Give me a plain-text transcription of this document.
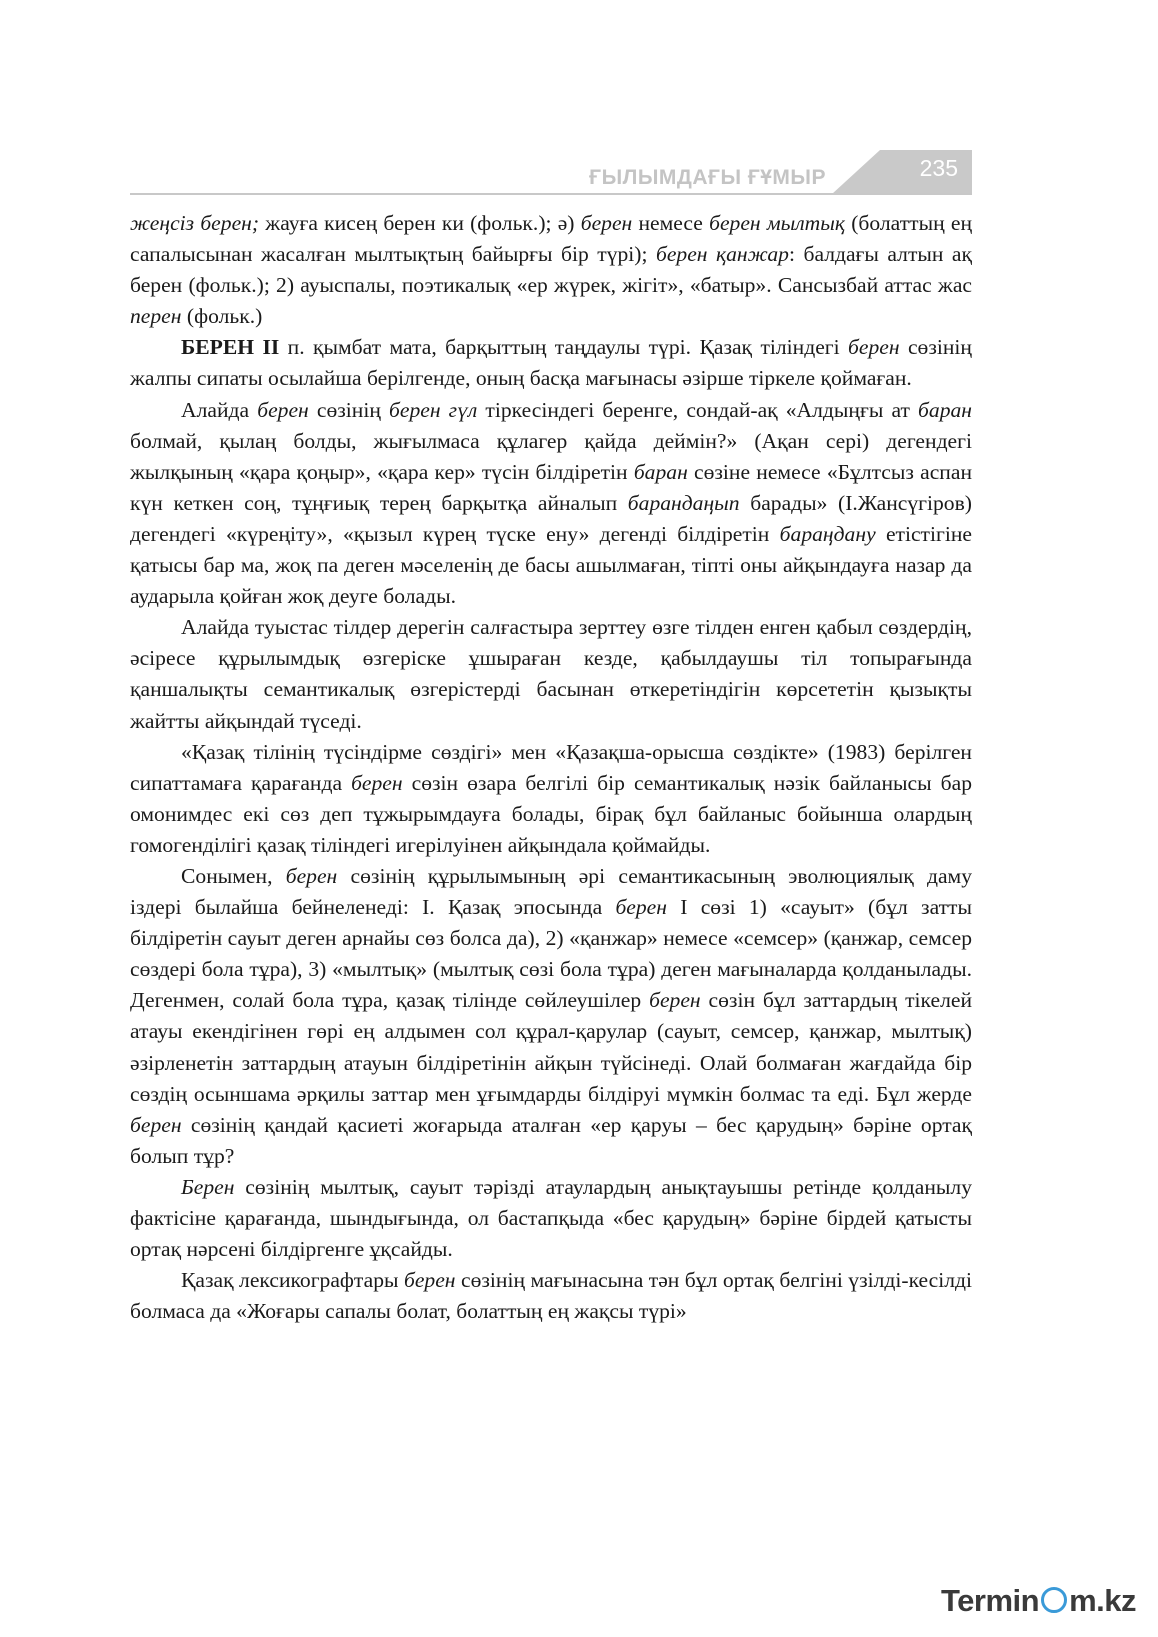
ҒЫЛЫМДАҒЫ ҒҰМЫР	235

жеңсіз берен; жауға кисең берен ки (фольк.); ә) берен немесе берен мылтық (болаттың ең сапалысынан жасалған мылтықтың байырғы бір түрі); берен қанжар: балдағы алтын ақ берен (фольк.); 2) ауыспалы, поэтикалық «ер жүрек, жігіт», «батыр». Сансызбай аттас жас перен (фольк.)

БЕРЕН II п. қымбат мата, барқыттың таңдаулы түрі. Қазақ тіліндегі берен сөзінің жалпы сипаты осылайша берілгенде, оның басқа мағынасы әзірше тіркеле қоймаған.

Алайда берен сөзінің берен гүл тіркесіндегі беренге, сондай-ақ «Алдыңғы ат баран болмай, қылаң болды, жығылмаса құлагер қайда деймін?» (Ақан сері) дегендегі жылқының «қара қоңыр», «қара кер» түсін білдіретін баран сөзіне немесе «Бұлтсыз аспан күн кеткен соң, тұңғиық терең барқытқа айналып барандаңып барады» (І.Жансүгіров) дегендегі «күреңіту», «қызыл күрең түске ену» дегенді білдіретін бараңдану етістігіне қатысы бар ма, жоқ па деген мәселенің де басы ашылмаған, тіпті оны айқындауға назар да аударыла қойған жоқ деуге болады.

Алайда туыстас тілдер дерегін салғастыра зерттеу өзге тілден енген қабыл сөздердің, әсіресе құрылымдық өзгеріске ұшыраған кезде, қабылдаушы тіл топырағында қаншалықты семантикалық өзгерістерді басынан өткеретіндігін көрсететін қызықты жайтты айқындай түседі.

«Қазақ тілінің түсіндірме сөздігі» мен «Қазақша-орысша сөздікте» (1983) берілген сипаттамаға қарағанда берен сөзін өзара белгілі бір семантикалық нәзік байланысы бар омонимдес екі сөз деп тұжырымдауға болады, бірақ бұл байланыс бойынша олардың гомогенділігі қазақ тіліндегі игерілуінен айқындала қоймайды.

Сонымен, берен сөзінің құрылымының әрі семантикасының эволюциялық даму іздері былайша бейнеленеді: І. Қазақ эпосында берен І сөзі 1) «сауыт» (бұл затты білдіретін сауыт деген арнайы сөз болса да), 2) «қанжар» немесе «семсер» (қанжар, семсер сөздері бола тұра), 3) «мылтық» (мылтық сөзі бола тұра) деген мағыналарда қолданылады. Дегенмен, солай бола тұра, қазақ тілінде сөйлеушілер берен сөзін бұл заттардың тікелей атауы екендігінен гөрі ең алдымен сол құрал-қарулар (сауыт, семсер, қанжар, мылтық) әзірленетін заттардың атауын білдіретінін айқын түйсінеді. Олай болмаған жағдайда бір сөздің осыншама әрқилы заттар мен ұғымдарды білдіруі мүмкін болмас та еді. Бұл жерде берен сөзінің қандай қасиеті жоғарыда аталған «ер қаруы – бес қарудың» бәріне ортақ болып тұр?

Берен сөзінің мылтық, сауыт тәрізді атаулардың анықтауышы ретінде қолданылу фактісіне қарағанда, шындығында, ол бастапқыда «бес қарудың» бәріне бірдей қатысты ортақ нәрсені білдіргенге ұқсайды.

Қазақ лексикографтары берен сөзінің мағынасына тән бұл ортақ белгіні үзілді-кесілді болмаса да «Жоғары сапалы болат, болаттың ең жақсы түрі»

Termin m.kz
